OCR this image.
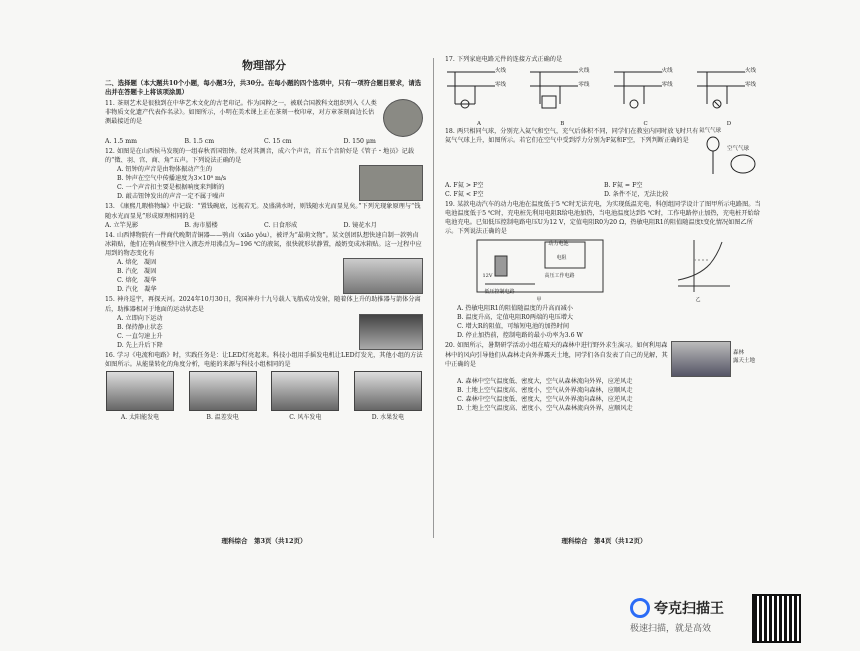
物理部分
二、选择题（本大题共10个小题，每小题3分，共30分。在每小题的四个选项中，只有一项符合题目要求，请选出并在答题卡上将该项涂黑）
11. 茶刻艺术是很独到在中华艺术文化的古老印记。作为国粹之一，被联合国教科文组织列入《人类非物质文化遗产代表作名录》。如图所示，小明在美术课上正在茶刻一枚印章，对方章茶刻面边长估测最接近的是
A. 1.5 mm	B. 1.5 cm	C. 15 cm	D. 150 μm
12. 如图是在山西侯马发现的一组春秋晋国钮钟。经对其测音，成六个声音，首五个音阶好是《管子・地员》记载的“徵、羽、宫、商、角”五声。下列说法正确的是
A. 钮钟的声音是由物体振动产生的
B. 钟声在空气中传播速度为3×10⁸ m/s
C. 一个声音扣主要是根据响度来判断的
D. 敲击钮钟发出的声音一定不属于噪声
13. 《康熙几暇格物编》中记载：“置钱碗底，远视若无。及盛满水时，则钱随水光而显见矣。”下列光现象原理与“钱随水光而显见”形成原理相同的是
A. 立竿见影	B. 海市蜃楼	C. 日食形成	D. 镜花水月
14. 山西博物院有一件商代晚期青铜器——鸮卣（xiāo yǒu），被评为“最萌文物”。某文创团队想快速自制一款鸮卣冰箱贴，他们在鸮卣模型中注入液态并用沸点为−196 ℃的液氮，很快就形状静置，敲奶变成冰箱贴。这一过程中应用到的物态变化有
A. 熔化　凝固
B. 汽化　凝固
C. 熔化　凝华
D. 汽化　凝华
15. 神舟巡宇，再探天河。2024年10月30日，我国神舟十九号载人飞船成功发射，随着体上升的助推器与箭体分离后，助推器相对于地面的运动状态是
A. 立即向下运动
B. 保持静止状态
C. 一直匀速上升
D. 先上升后下降
16. 学习《电流和电路》时，实践任务是：让LED灯亮起来。科技小组用手摇发电机让LED灯发光，其他小组的方法如图所示。从能量转化的角度分析，电能的来源与科技小组相同的是
A. 太阳能发电	B. 温差发电	C. 风车发电	D. 水果发电
理科综合　第3页（共12页）
17. 下列家庭电路元件的连接方式正确的是
火线
零线
A
火线
零线
B
火线
零线
C
火线
零线
D
18. 两只相同气球，分别充入氦气和空气，充气后体积不同，同学们在教室内同时放飞时只有氦气气球上升，如图所示。若它们在空气中受到浮力分别为F氦和F空，下列判断正确的是
氦气气球
空气气球
A. F氦 > F空	B. F氦 = F空
C. F氦 < F空	D. 条件不足，无法比较
19. 某款电动汽车的动力电池在温度低于5 ℃时无法充电，为实现低温充电，科创组同学设计了图甲所示电路图。当电池温度低于5 ℃时，充电桩先利用电阻R给电池加热，当电池温度达到5 ℃时，工作电路停止加热，充电桩开始给电池充电。已知低压控制电路电压U为12 V，定值电阻R0为20 Ω，热敏电阻R1的阻值随温度t变化情况如图乙所示。下列说法正确的是
动力电池
电阻
高压工作电路
低压控制电路
12V
甲	乙
A. 热敏电阻R1的阻值随温度的升高而减小
B. 温度升高，定值电阻R0两端的电压增大
C. 增大R的阻值，可缩短电池的加热时间
D. 停止加热前，控制电路的最小功率为3.6 W
20. 如图所示，暑期研学活动小组在晴天的森林中进行野外求生演习。如何利用森林中的风向引导他们从森林走向外界露天土地，同学们各自发表了自己的见解，其中正确的是
森林
露天土地
A. 森林中空气温度低、密度大，空气从森林流向外界，应逆风走
B. 土地上空气温度高、密度小，空气从外界流向森林，应顺风走
C. 森林中空气温度低、密度大，空气从外界流向森林，应逆风走
D. 土地上空气温度高、密度小，空气从森林流向外界，应顺风走
理科综合　第4页（共12页）
夸克扫描王
极速扫描，就是高效
